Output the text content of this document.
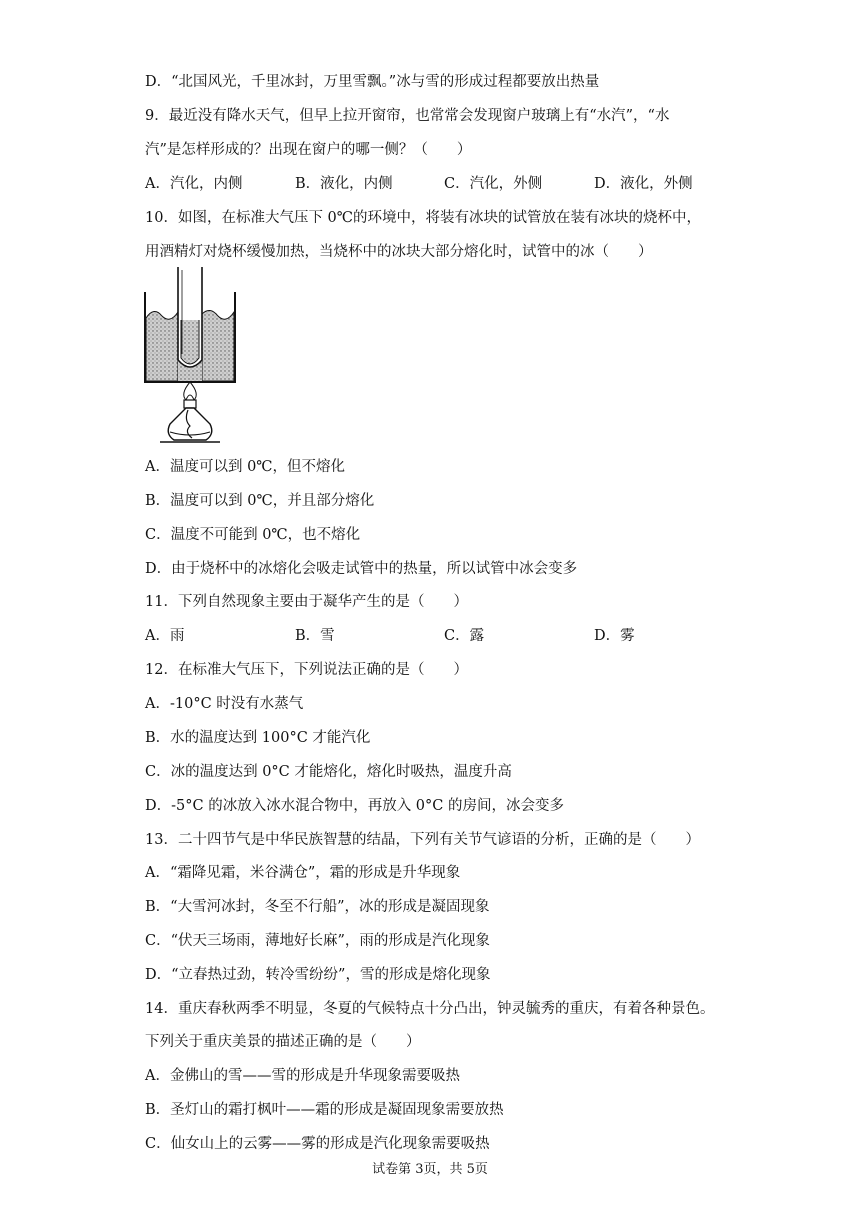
D．“北国风光，千里冰封，万里雪飘。”冰与雪的形成过程都要放出热量
9．最近没有降水天气，但早上拉开窗帘，也常常会发现窗户玻璃上有“水汽”，“水
汽”是怎样形成的？出现在窗户的哪一侧？（　　）
A．汽化，内侧	B．液化，内侧	C．汽化，外侧	D．液化，外侧
10．如图，在标准大气压下 0℃的环境中，将装有冰块的试管放在装有冰块的烧杯中，
用酒精灯对烧杯缓慢加热，当烧杯中的冰块大部分熔化时，试管中的冰（　　）
A．温度可以到 0℃，但不熔化
B．温度可以到 0℃，并且部分熔化
C．温度不可能到 0℃，也不熔化
D．由于烧杯中的冰熔化会吸走试管中的热量，所以试管中冰会变多
11．下列自然现象主要由于凝华产生的是（　　）
A．雨	B．雪	C．露	D．雾
12．在标准大气压下，下列说法正确的是（　　）
A．-10°C 时没有水蒸气
B．水的温度达到 100°C 才能汽化
C．冰的温度达到 0°C 才能熔化，熔化时吸热，温度升高
D．-5°C 的冰放入冰水混合物中，再放入 0°C 的房间，冰会变多
13．二十四节气是中华民族智慧的结晶，下列有关节气谚语的分析，正确的是（　　）
A．“霜降见霜，米谷满仓”，霜的形成是升华现象
B．“大雪河冰封，冬至不行船”，冰的形成是凝固现象
C．“伏天三场雨，薄地好长麻”，雨的形成是汽化现象
D．“立春热过劲，转冷雪纷纷”，雪的形成是熔化现象
14．重庆春秋两季不明显，冬夏的气候特点十分凸出，钟灵毓秀的重庆，有着各种景色。
下列关于重庆美景的描述正确的是（　　）
A．金佛山的雪——雪的形成是升华现象需要吸热
B．圣灯山的霜打枫叶——霜的形成是凝固现象需要放热
C．仙女山上的云雾——雾的形成是汽化现象需要吸热
试卷第 3页，共 5页
